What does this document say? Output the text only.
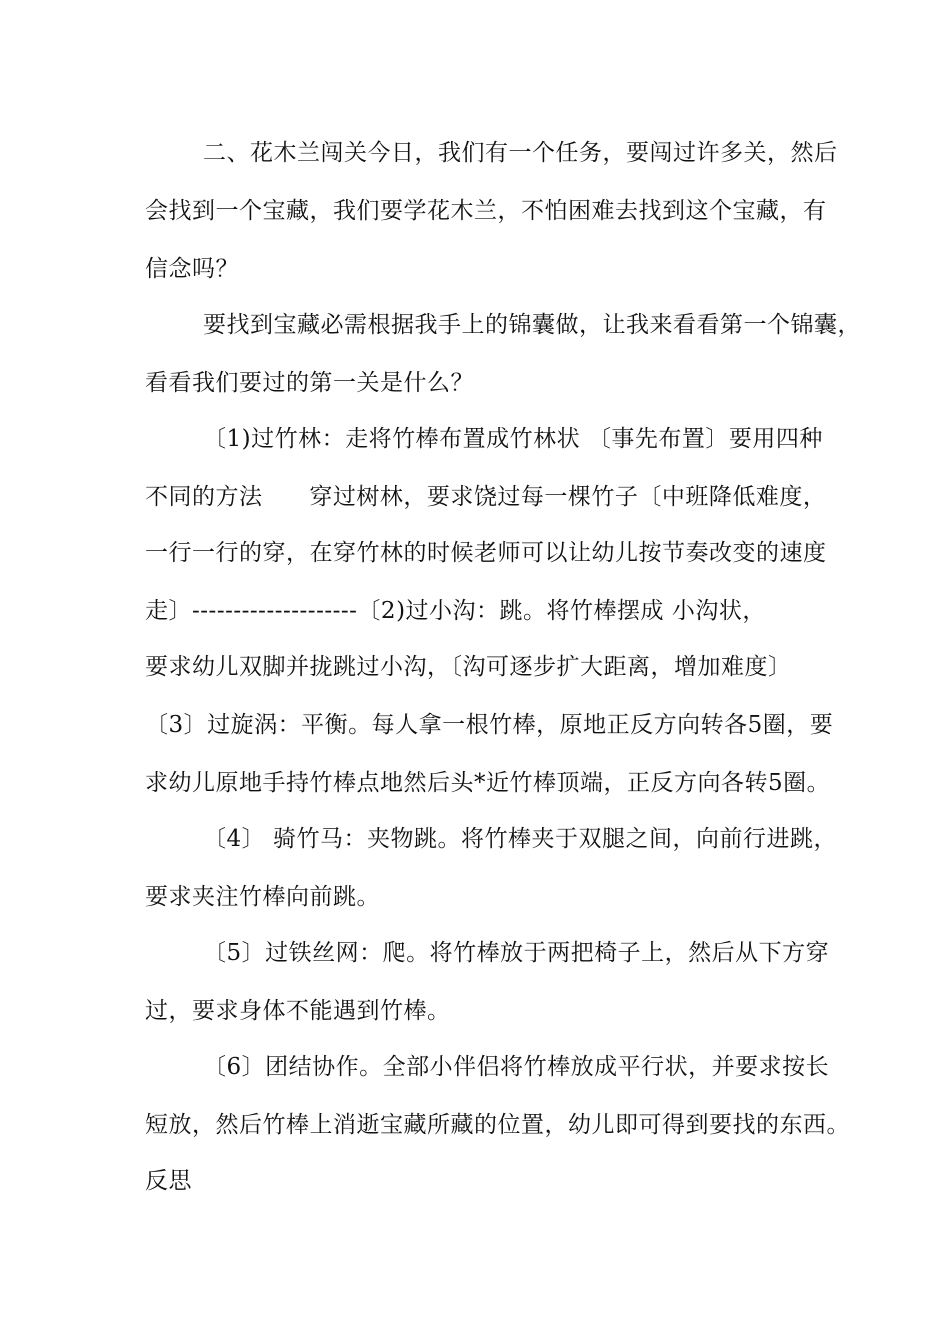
二、花木兰闯关今日，我们有一个任务，要闯过许多关，然后
会找到一个宝藏，我们要学花木兰，不怕困难去找到这个宝藏，有
信念吗？
要找到宝藏必需根据我手上的锦囊做，让我来看看第一个锦囊，
看看我们要过的第一关是什么？
〔1)过竹林：走将竹棒布置成竹林状 〔事先布置〕要用四种
不同的方法      穿过树林，要求饶过每一棵竹子〔中班降低难度，
一行一行的穿，在穿竹林的时候老师可以让幼儿按节奏改变的速度
走〕--------------------〔2)过小沟：跳。将竹棒摆成 小沟状，
要求幼儿双脚并拢跳过小沟，〔沟可逐步扩大距离，增加难度〕
〔3〕过旋涡：平衡。每人拿一根竹棒，原地正反方向转各5圈，要
求幼儿原地手持竹棒点地然后头*近竹棒顶端，正反方向各转5圈。
〔4〕 骑竹马：夹物跳。将竹棒夹于双腿之间，向前行进跳，
要求夹注竹棒向前跳。
〔5〕过铁丝网：爬。将竹棒放于两把椅子上，然后从下方穿
过，要求身体不能遇到竹棒。
〔6〕团结协作。全部小伴侣将竹棒放成平行状，并要求按长
短放，然后竹棒上消逝宝藏所藏的位置，幼儿即可得到要找的东西。
反思
